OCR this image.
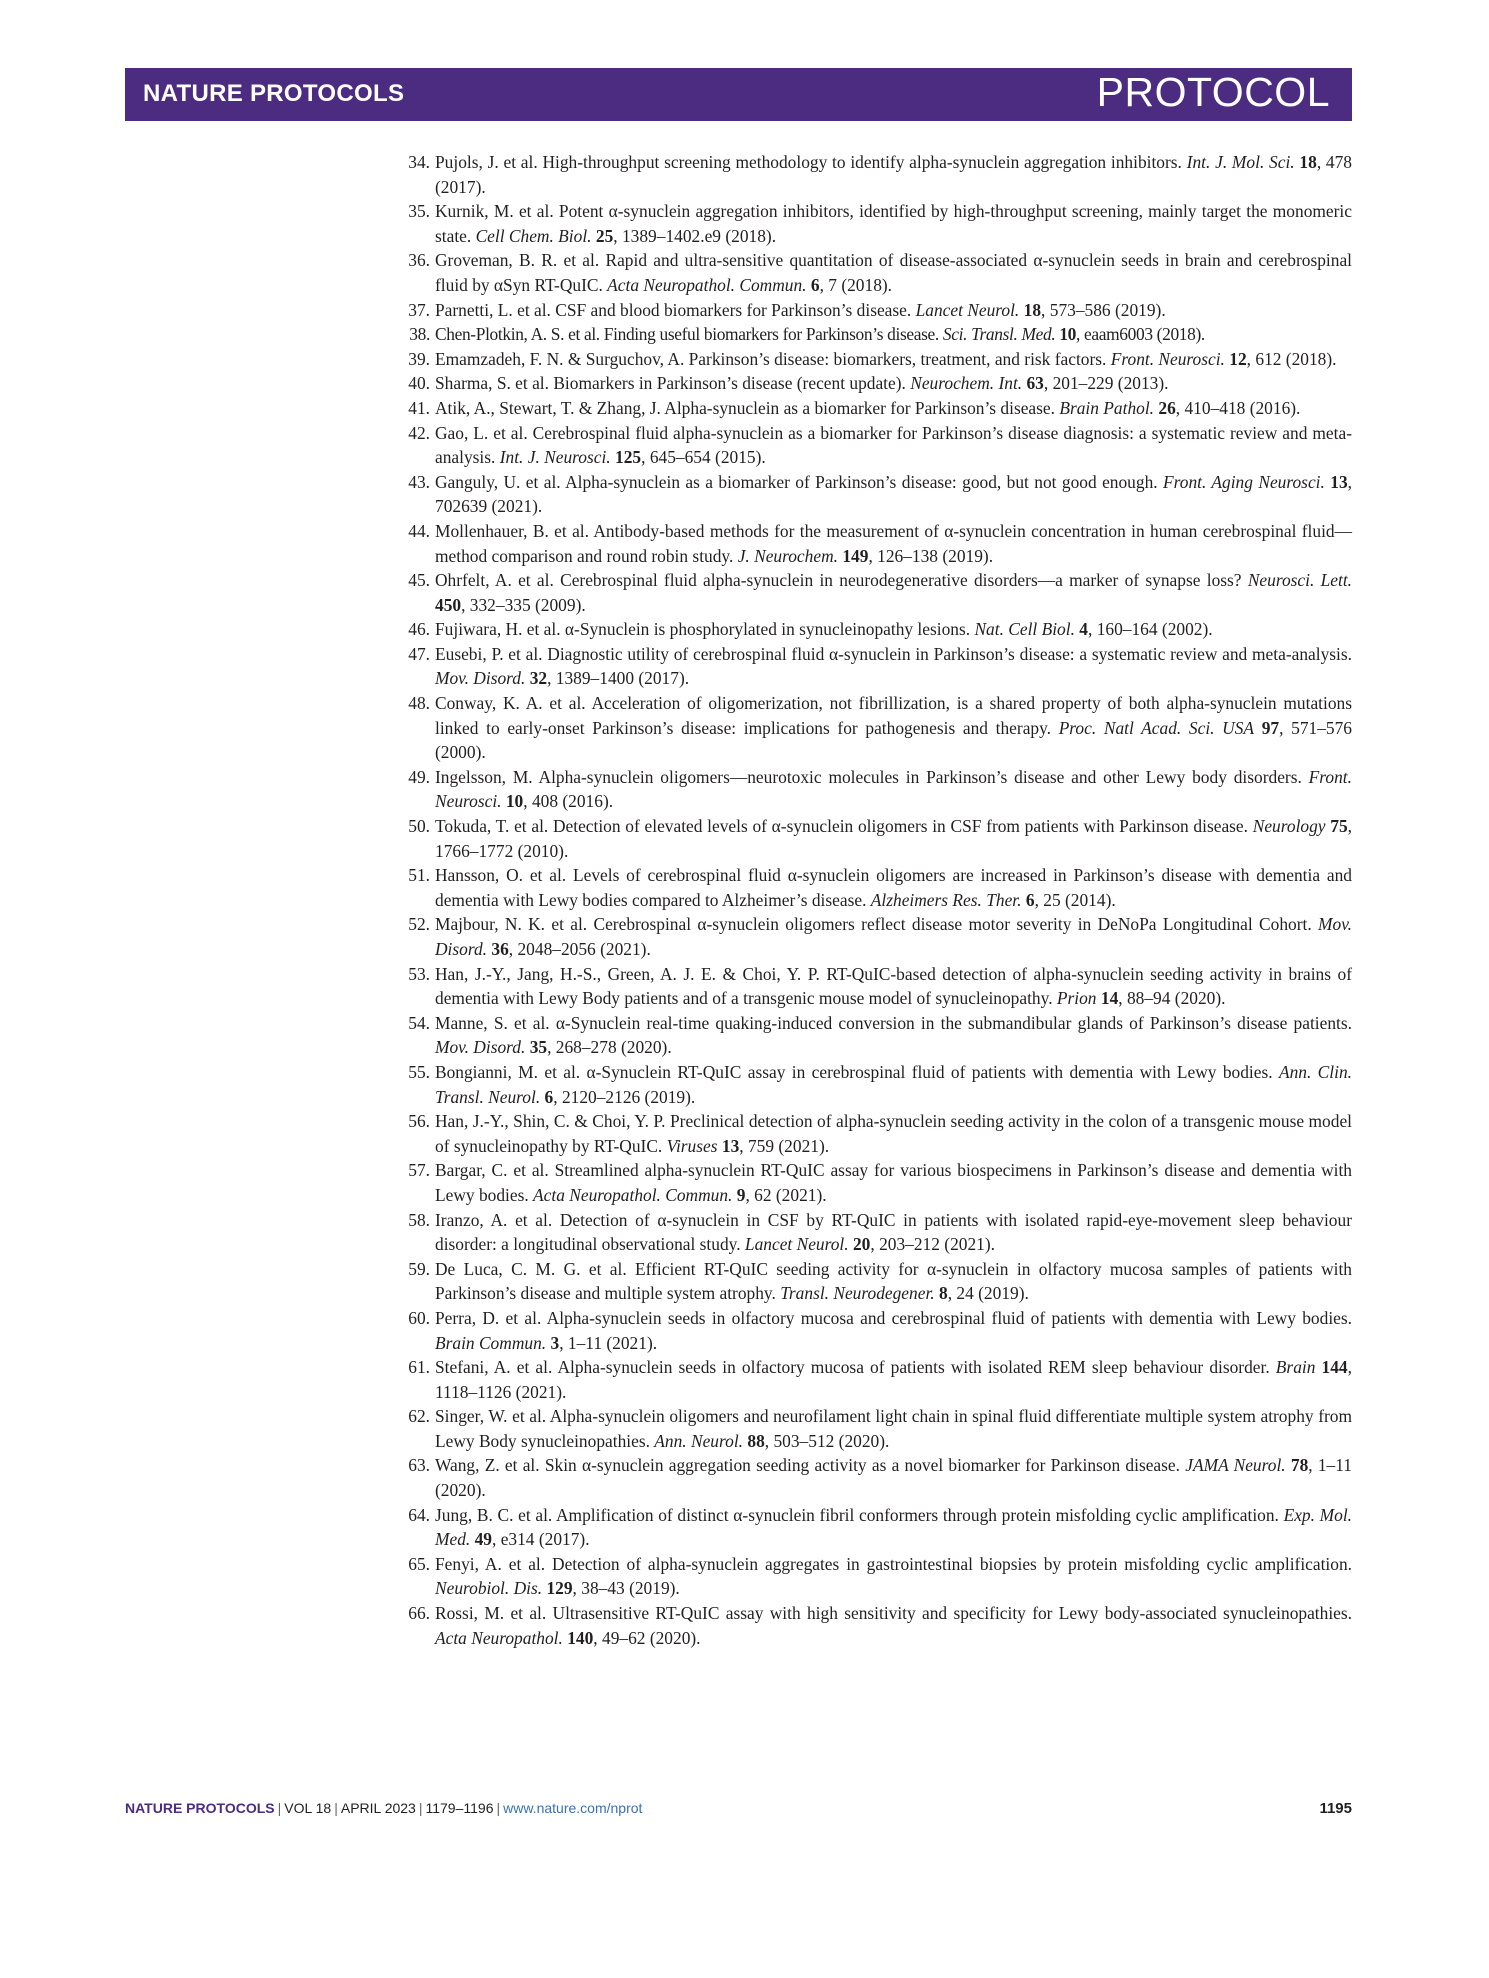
NATURE PROTOCOLS	PROTOCOL
34. Pujols, J. et al. High-throughput screening methodology to identify alpha-synuclein aggregation inhibitors. Int. J. Mol. Sci. 18, 478 (2017).
35. Kurnik, M. et al. Potent α-synuclein aggregation inhibitors, identified by high-throughput screening, mainly target the monomeric state. Cell Chem. Biol. 25, 1389–1402.e9 (2018).
36. Groveman, B. R. et al. Rapid and ultra-sensitive quantitation of disease-associated α-synuclein seeds in brain and cerebrospinal fluid by αSyn RT-QuIC. Acta Neuropathol. Commun. 6, 7 (2018).
37. Parnetti, L. et al. CSF and blood biomarkers for Parkinson’s disease. Lancet Neurol. 18, 573–586 (2019).
38. Chen-Plotkin, A. S. et al. Finding useful biomarkers for Parkinson’s disease. Sci. Transl. Med. 10, eaam6003 (2018).
39. Emamzadeh, F. N. & Surguchov, A. Parkinson’s disease: biomarkers, treatment, and risk factors. Front. Neurosci. 12, 612 (2018).
40. Sharma, S. et al. Biomarkers in Parkinson’s disease (recent update). Neurochem. Int. 63, 201–229 (2013).
41. Atik, A., Stewart, T. & Zhang, J. Alpha-synuclein as a biomarker for Parkinson’s disease. Brain Pathol. 26, 410–418 (2016).
42. Gao, L. et al. Cerebrospinal fluid alpha-synuclein as a biomarker for Parkinson’s disease diagnosis: a systematic review and meta-analysis. Int. J. Neurosci. 125, 645–654 (2015).
43. Ganguly, U. et al. Alpha-synuclein as a biomarker of Parkinson’s disease: good, but not good enough. Front. Aging Neurosci. 13, 702639 (2021).
44. Mollenhauer, B. et al. Antibody-based methods for the measurement of α-synuclein concentration in human cerebrospinal fluid—method comparison and round robin study. J. Neurochem. 149, 126–138 (2019).
45. Ohrfelt, A. et al. Cerebrospinal fluid alpha-synuclein in neurodegenerative disorders—a marker of synapse loss? Neurosci. Lett. 450, 332–335 (2009).
46. Fujiwara, H. et al. α-Synuclein is phosphorylated in synucleinopathy lesions. Nat. Cell Biol. 4, 160–164 (2002).
47. Eusebi, P. et al. Diagnostic utility of cerebrospinal fluid α-synuclein in Parkinson’s disease: a systematic review and meta-analysis. Mov. Disord. 32, 1389–1400 (2017).
48. Conway, K. A. et al. Acceleration of oligomerization, not fibrillization, is a shared property of both alpha-synuclein mutations linked to early-onset Parkinson’s disease: implications for pathogenesis and therapy. Proc. Natl Acad. Sci. USA 97, 571–576 (2000).
49. Ingelsson, M. Alpha-synuclein oligomers—neurotoxic molecules in Parkinson’s disease and other Lewy body disorders. Front. Neurosci. 10, 408 (2016).
50. Tokuda, T. et al. Detection of elevated levels of α-synuclein oligomers in CSF from patients with Parkinson disease. Neurology 75, 1766–1772 (2010).
51. Hansson, O. et al. Levels of cerebrospinal fluid α-synuclein oligomers are increased in Parkinson’s disease with dementia and dementia with Lewy bodies compared to Alzheimer’s disease. Alzheimers Res. Ther. 6, 25 (2014).
52. Majbour, N. K. et al. Cerebrospinal α-synuclein oligomers reflect disease motor severity in DeNoPa Longitudinal Cohort. Mov. Disord. 36, 2048–2056 (2021).
53. Han, J.-Y., Jang, H.-S., Green, A. J. E. & Choi, Y. P. RT-QuIC-based detection of alpha-synuclein seeding activity in brains of dementia with Lewy Body patients and of a transgenic mouse model of synucleinopathy. Prion 14, 88–94 (2020).
54. Manne, S. et al. α-Synuclein real-time quaking-induced conversion in the submandibular glands of Parkinson’s disease patients. Mov. Disord. 35, 268–278 (2020).
55. Bongianni, M. et al. α-Synuclein RT-QuIC assay in cerebrospinal fluid of patients with dementia with Lewy bodies. Ann. Clin. Transl. Neurol. 6, 2120–2126 (2019).
56. Han, J.-Y., Shin, C. & Choi, Y. P. Preclinical detection of alpha-synuclein seeding activity in the colon of a transgenic mouse model of synucleinopathy by RT-QuIC. Viruses 13, 759 (2021).
57. Bargar, C. et al. Streamlined alpha-synuclein RT-QuIC assay for various biospecimens in Parkinson’s disease and dementia with Lewy bodies. Acta Neuropathol. Commun. 9, 62 (2021).
58. Iranzo, A. et al. Detection of α-synuclein in CSF by RT-QuIC in patients with isolated rapid-eye-movement sleep behaviour disorder: a longitudinal observational study. Lancet Neurol. 20, 203–212 (2021).
59. De Luca, C. M. G. et al. Efficient RT-QuIC seeding activity for α-synuclein in olfactory mucosa samples of patients with Parkinson’s disease and multiple system atrophy. Transl. Neurodegener. 8, 24 (2019).
60. Perra, D. et al. Alpha-synuclein seeds in olfactory mucosa and cerebrospinal fluid of patients with dementia with Lewy bodies. Brain Commun. 3, 1–11 (2021).
61. Stefani, A. et al. Alpha-synuclein seeds in olfactory mucosa of patients with isolated REM sleep behaviour disorder. Brain 144, 1118–1126 (2021).
62. Singer, W. et al. Alpha-synuclein oligomers and neurofilament light chain in spinal fluid differentiate multiple system atrophy from Lewy Body synucleinopathies. Ann. Neurol. 88, 503–512 (2020).
63. Wang, Z. et al. Skin α-synuclein aggregation seeding activity as a novel biomarker for Parkinson disease. JAMA Neurol. 78, 1–11 (2020).
64. Jung, B. C. et al. Amplification of distinct α-synuclein fibril conformers through protein misfolding cyclic amplification. Exp. Mol. Med. 49, e314 (2017).
65. Fenyi, A. et al. Detection of alpha-synuclein aggregates in gastrointestinal biopsies by protein misfolding cyclic amplification. Neurobiol. Dis. 129, 38–43 (2019).
66. Rossi, M. et al. Ultrasensitive RT-QuIC assay with high sensitivity and specificity for Lewy body-associated synucleinopathies. Acta Neuropathol. 140, 49–62 (2020).
NATURE PROTOCOLS | VOL 18 | APRIL 2023 | 1179–1196 | www.nature.com/nprot	1195
